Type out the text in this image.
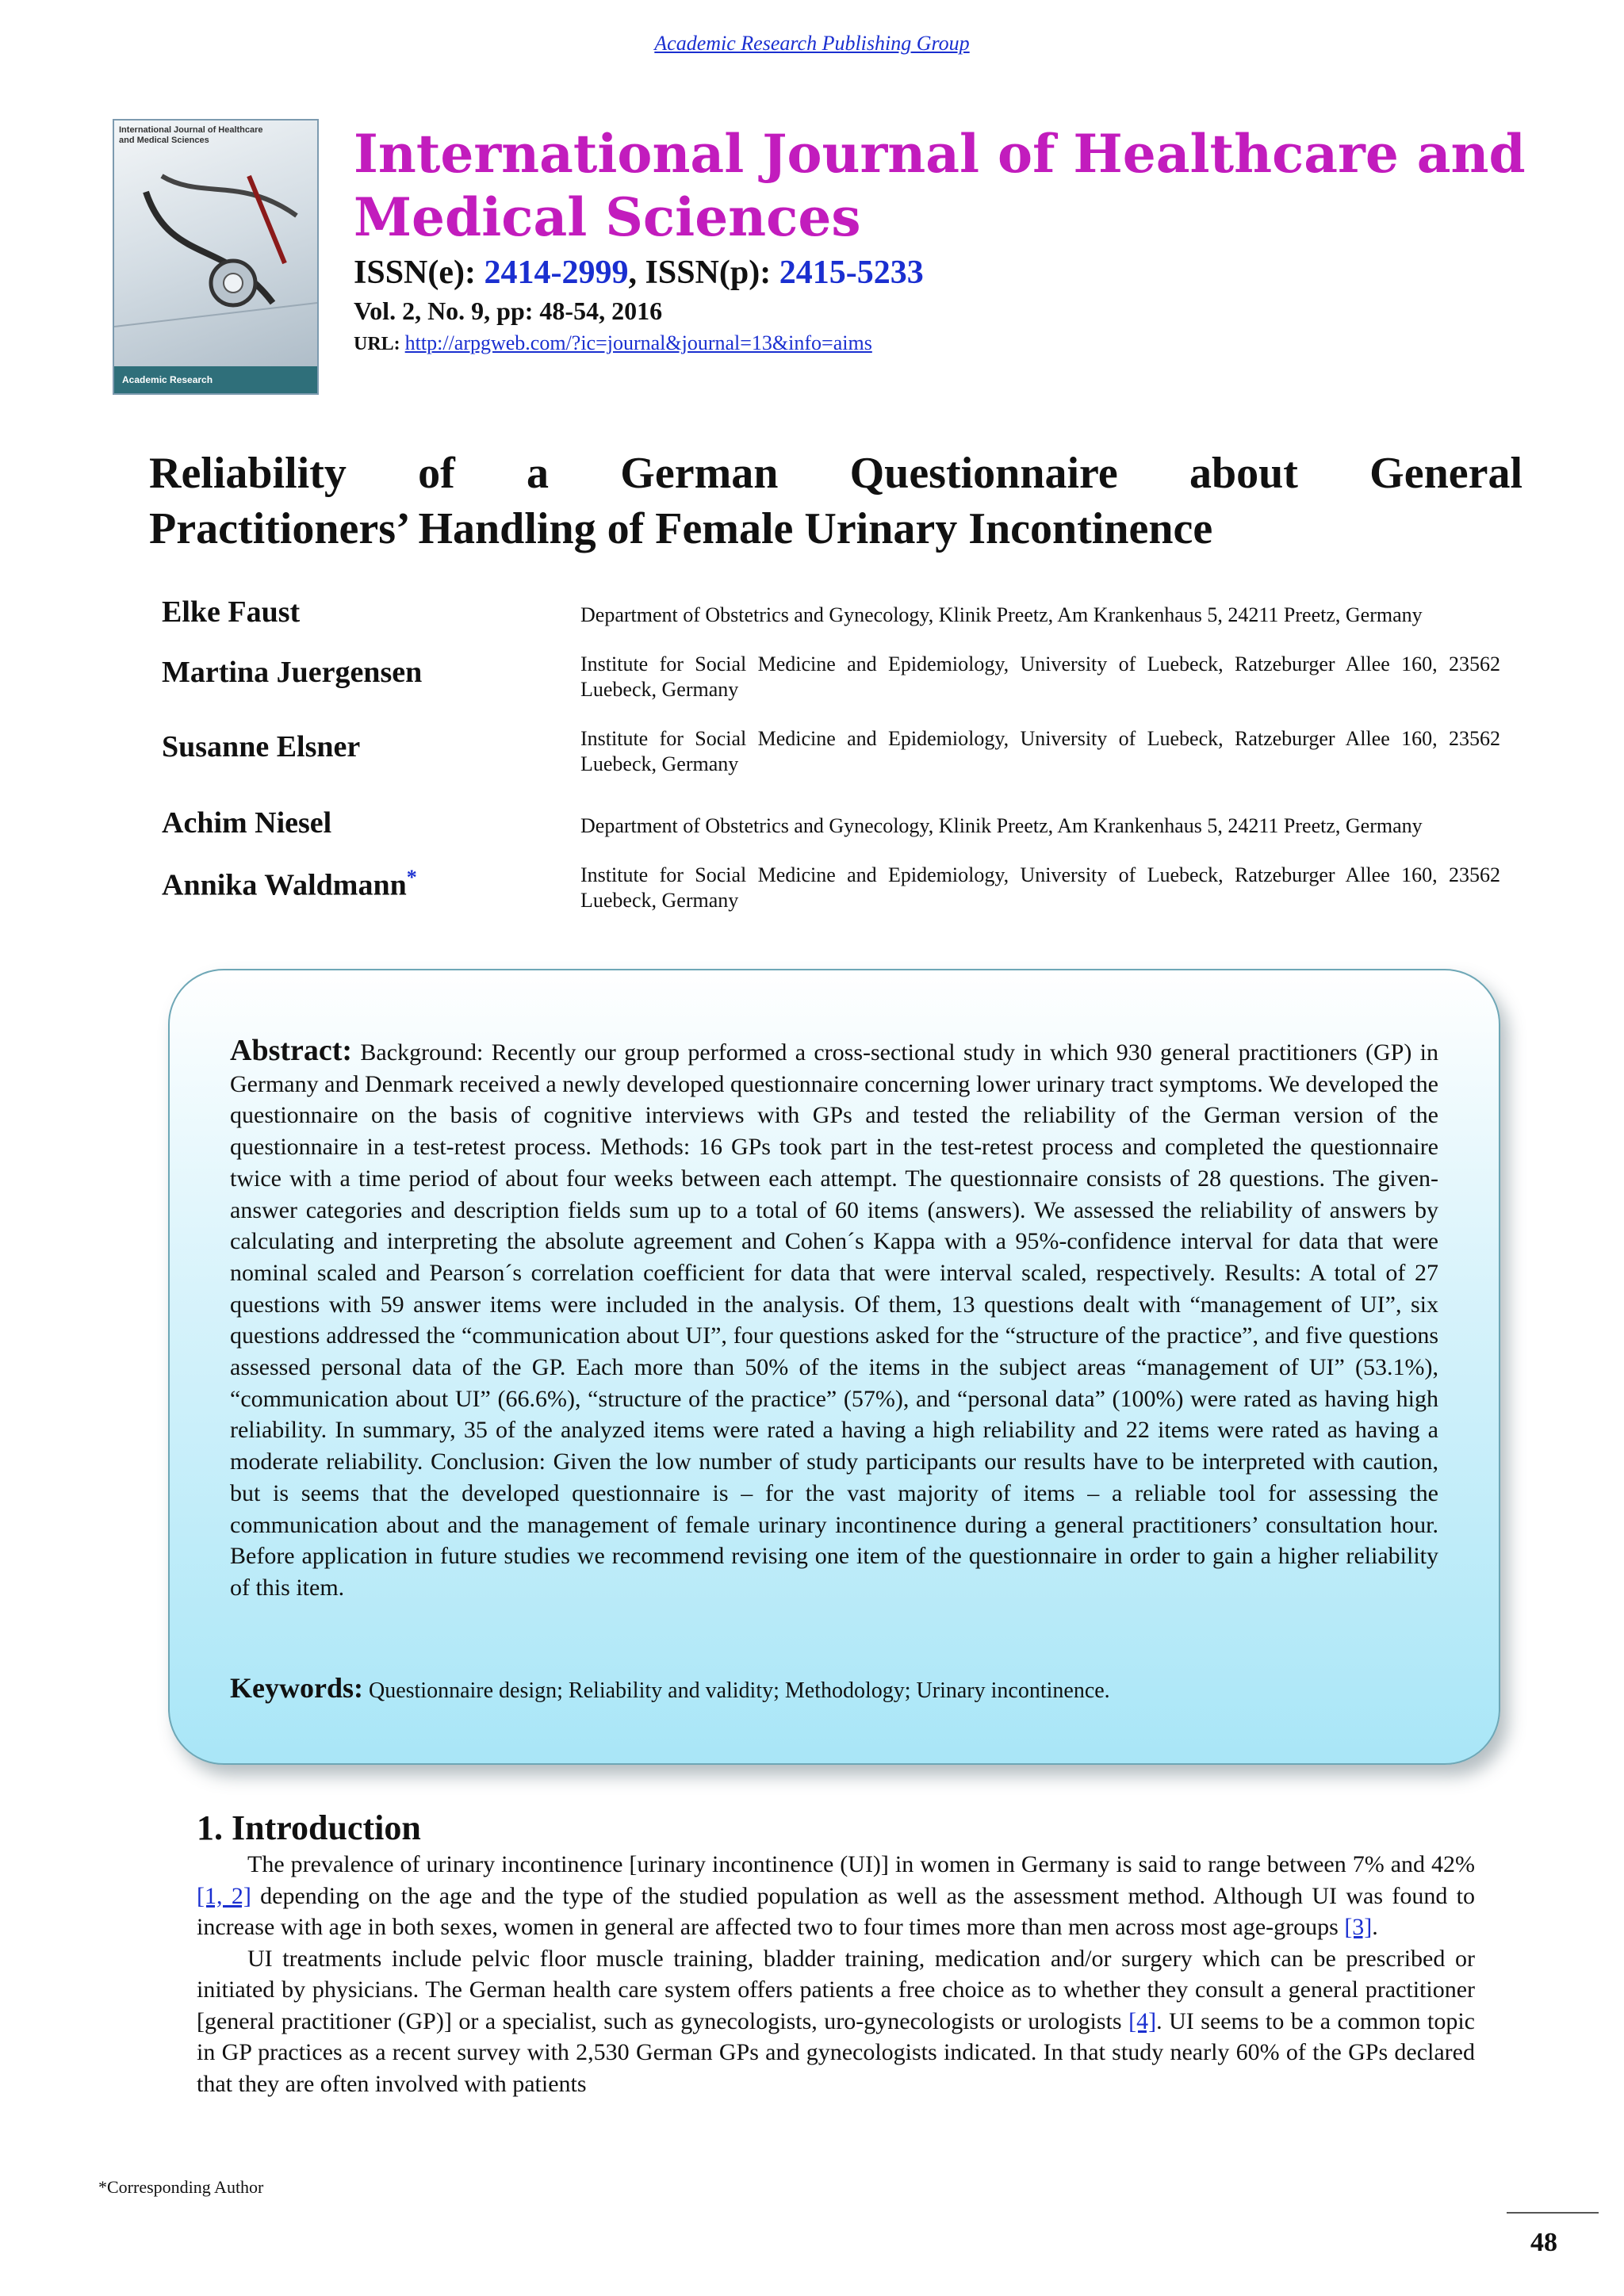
Academic Research Publishing Group
International Journal of Healthcare and Medical Sciences
Academic Research
International Journal of Healthcare and Medical Sciences
ISSN(e): 2414-2999, ISSN(p): 2415-5233
Vol. 2, No. 9, pp: 48-54, 2016
URL: http://arpgweb.com/?ic=journal&journal=13&info=aims
Reliability of a German Questionnaire about General
Practitioners’ Handling of Female Urinary Incontinence
Elke Faust	Department of Obstetrics and Gynecology, Klinik Preetz, Am Krankenhaus 5, 24211 Preetz, Germany
Martina Juergensen	Institute for Social Medicine and Epidemiology, University of Luebeck, Ratzeburger Allee 160, 23562 Luebeck, Germany
Susanne Elsner	Institute for Social Medicine and Epidemiology, University of Luebeck, Ratzeburger Allee 160, 23562 Luebeck, Germany
Achim Niesel	Department of Obstetrics and Gynecology, Klinik Preetz, Am Krankenhaus 5, 24211 Preetz, Germany
Annika Waldmann*	Institute for Social Medicine and Epidemiology, University of Luebeck, Ratzeburger Allee 160, 23562 Luebeck, Germany
Abstract: Background: Recently our group performed a cross-sectional study in which 930 general practitioners (GP) in Germany and Denmark received a newly developed questionnaire concerning lower urinary tract symptoms. We developed the questionnaire on the basis of cognitive interviews with GPs and tested the reliability of the German version of the questionnaire in a test-retest process. Methods: 16 GPs took part in the test-retest process and completed the questionnaire twice with a time period of about four weeks between each attempt. The questionnaire consists of 28 questions. The given-answer categories and description fields sum up to a total of 60 items (answers). We assessed the reliability of answers by calculating and interpreting the absolute agreement and Cohen´s Kappa with a 95%-confidence interval for data that were nominal scaled and Pearson´s correlation coefficient for data that were interval scaled, respectively. Results: A total of 27 questions with 59 answer items were included in the analysis. Of them, 13 questions dealt with “management of UI”, six questions addressed the “communication about UI”, four questions asked for the “structure of the practice”, and five questions assessed personal data of the GP. Each more than 50% of the items in the subject areas “management of UI” (53.1%), “communication about UI” (66.6%), “structure of the practice” (57%), and “personal data” (100%) were rated as having high reliability. In summary, 35 of the analyzed items were rated a having a high reliability and 22 items were rated as having a moderate reliability. Conclusion: Given the low number of study participants our results have to be interpreted with caution, but is seems that the developed questionnaire is – for the vast majority of items – a reliable tool for assessing the communication about and the management of female urinary incontinence during a general practitioners’ consultation hour. Before application in future studies we recommend revising one item of the questionnaire in order to gain a higher reliability of this item.
Keywords: Questionnaire design; Reliability and validity; Methodology; Urinary incontinence.
1. Introduction

The prevalence of urinary incontinence [urinary incontinence (UI)] in women in Germany is said to range between 7% and 42% [1, 2] depending on the age and the type of the studied population as well as the assessment method. Although UI was found to increase with age in both sexes, women in general are affected two to four times more than men across most age-groups [3].

UI treatments include pelvic floor muscle training, bladder training, medication and/or surgery which can be prescribed or initiated by physicians. The German health care system offers patients a free choice as to whether they consult a general practitioner [general practitioner (GP)] or a specialist, such as gynecologists, uro-gynecologists or urologists [4]. UI seems to be a common topic in GP practices as a recent survey with 2,530 German GPs and gynecologists indicated. In that study nearly 60% of the GPs declared that they are often involved with patients

*Corresponding Author
48
